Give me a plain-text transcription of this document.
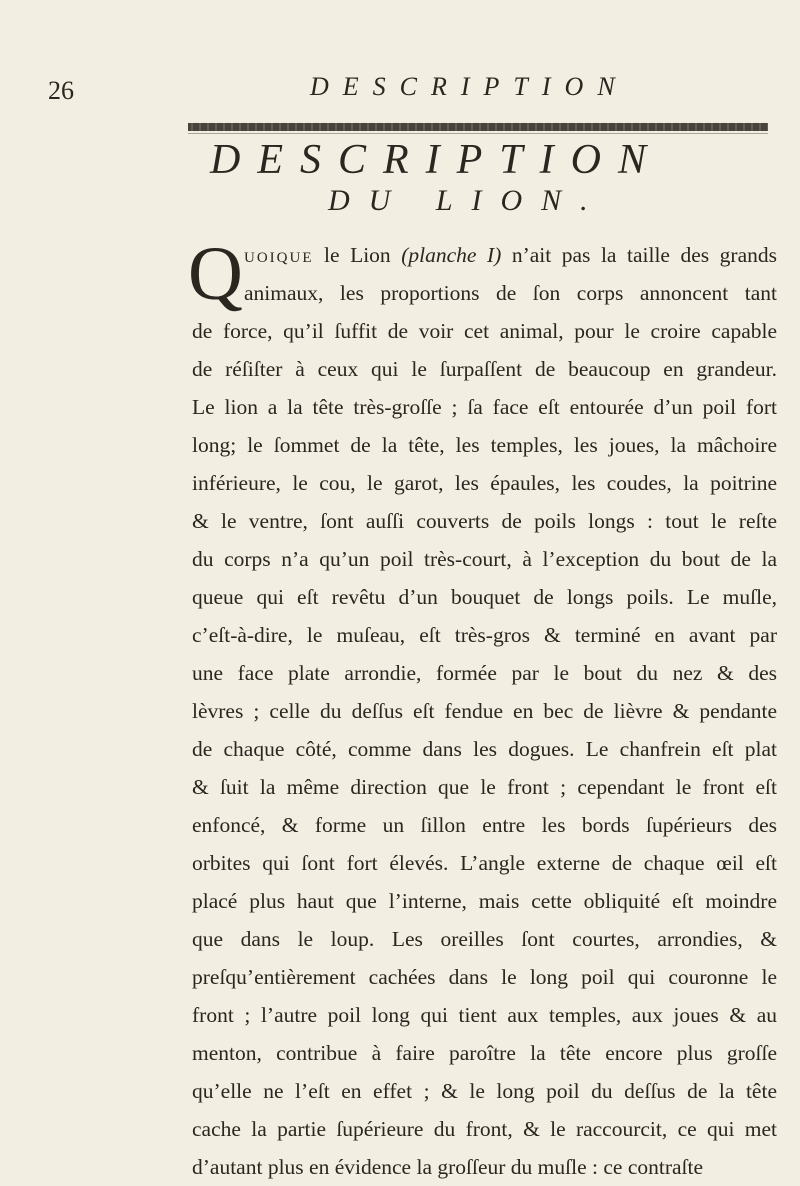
26	DESCRIPTION
DESCRIPTION
DU LION.
Q uoique le Lion (planche I) n’ait pas la taille des grands
animaux, les proportions de ſon corps annoncent tant
de force, qu’il ſuffit de voir cet animal, pour le croire capable
de réſiſter à ceux qui le ſurpaſſent de beaucoup en grandeur.
Le lion a la tête très-groſſe ; ſa face eſt entourée d’un poil fort
long; le ſommet de la tête, les temples, les joues, la mâchoire
inférieure, le cou, le garot, les épaules, les coudes, la poitrine
& le ventre, ſont auſſi couverts de poils longs : tout le reſte
du corps n’a qu’un poil très-court, à l’exception du bout de la
queue qui eſt revêtu d’un bouquet de longs poils. Le muſle,
c’eſt-à-dire, le muſeau, eſt très-gros & terminé en avant par
une face plate arrondie, formée par le bout du nez & des
lèvres ; celle du deſſus eſt fendue en bec de lièvre & pendante
de chaque côté, comme dans les dogues. Le chanfrein eſt plat
& ſuit la même direction que le front ; cependant le front eſt
enfoncé, & forme un ſillon entre les bords ſupérieurs des
orbites qui ſont fort élevés. L’angle externe de chaque œil eſt
placé plus haut que l’interne, mais cette obliquité eſt moindre
que dans le loup. Les oreilles ſont courtes, arrondies, &
preſqu’entièrement cachées dans le long poil qui couronne le
front ; l’autre poil long qui tient aux temples, aux joues & au
menton, contribue à faire paroître la tête encore plus groſſe
qu’elle ne l’eſt en effet ; & le long poil du deſſus de la tête
cache la partie ſupérieure du front, & le raccourcit, ce qui met
d’autant plus en évidence la groſſeur du muſle : ce contraſte
